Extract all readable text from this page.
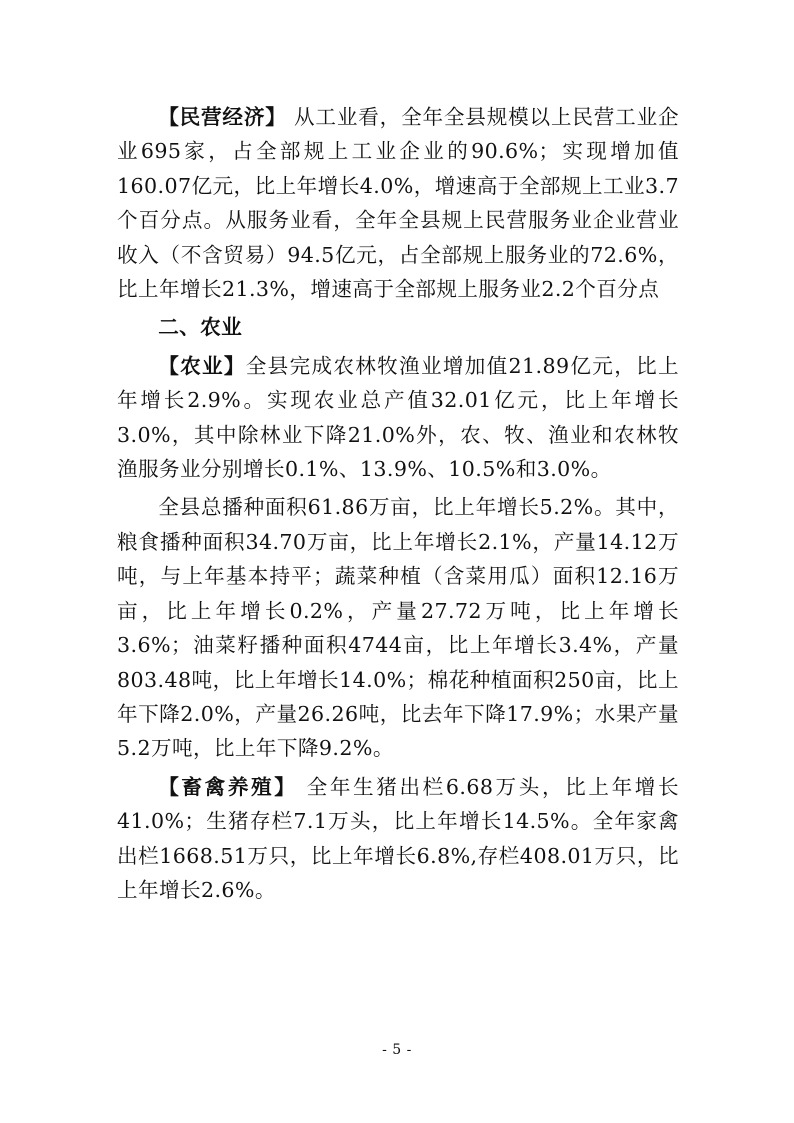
【民营经济】 从工业看，全年全县规模以上民营工业企业695家，占全部规上工业企业的90.6%；实现增加值160.07亿元，比上年增长4.0%，增速高于全部规上工业3.7个百分点。从服务业看，全年全县规上民营服务业企业营业收入（不含贸易）94.5亿元，占全部规上服务业的72.6%，比上年增长21.3%，增速高于全部规上服务业2.2个百分点

二、农业

【农业】全县完成农林牧渔业增加值21.89亿元，比上年增长2.9%。实现农业总产值32.01亿元，比上年增长3.0%，其中除林业下降21.0%外，农、牧、渔业和农林牧渔服务业分别增长0.1%、13.9%、10.5%和3.0%。

全县总播种面积61.86万亩，比上年增长5.2%。其中，粮食播种面积34.70万亩，比上年增长2.1%，产量14.12万吨，与上年基本持平；蔬菜种植（含菜用瓜）面积12.16万亩，比上年增长0.2%，产量27.72万吨，比上年增长3.6%；油菜籽播种面积4744亩，比上年增长3.4%，产量803.48吨，比上年增长14.0%；棉花种植面积250亩，比上年下降2.0%，产量26.26吨，比去年下降17.9%；水果产量5.2万吨，比上年下降9.2%。

【畜禽养殖】 全年生猪出栏6.68万头，比上年增长41.0%；生猪存栏7.1万头，比上年增长14.5%。全年家禽出栏1668.51万只，比上年增长6.8%,存栏408.01万只，比上年增长2.6%。

- 5 -
